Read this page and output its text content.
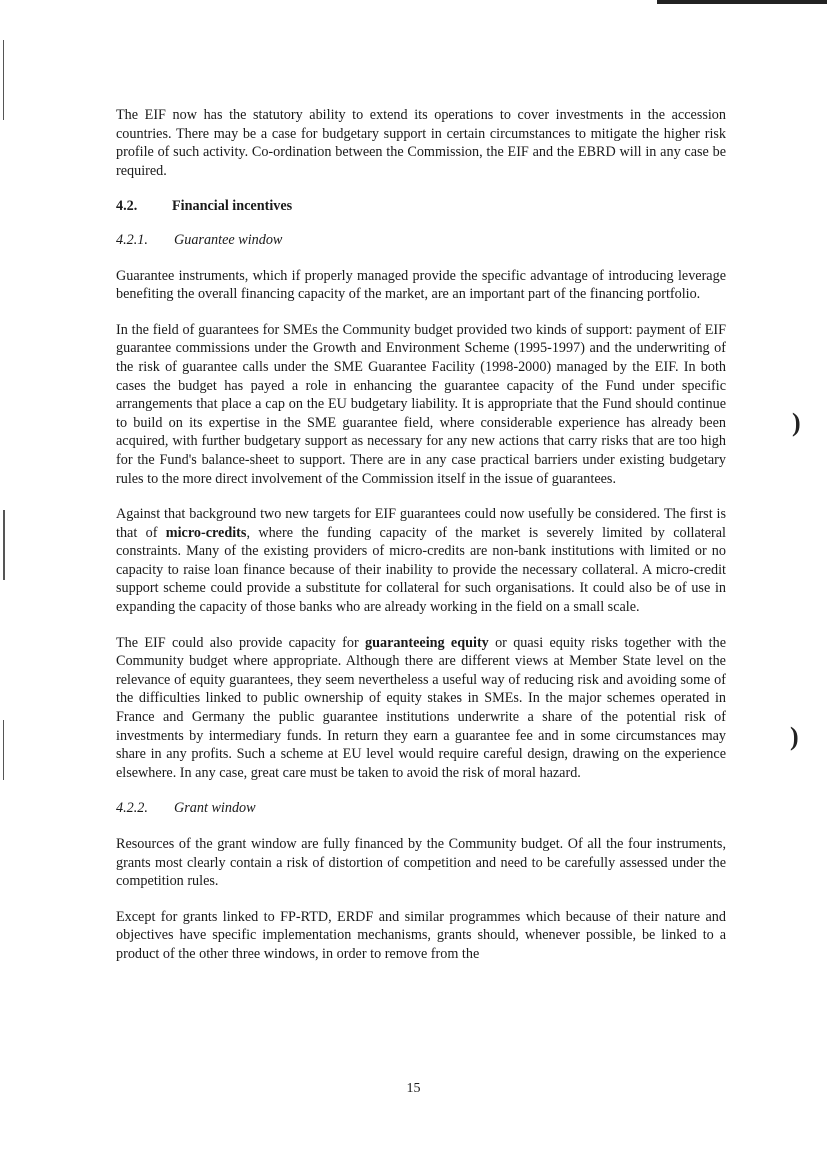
)
)

The EIF now has the statutory ability to extend its operations to cover investments in the accession countries. There may be a case for budgetary support in certain circumstances to mitigate the higher risk profile of such activity. Co-ordination between the Commission, the EIF and the EBRD will in any case be required.

4.2.	Financial incentives
4.2.1.	Guarantee window

Guarantee instruments, which if properly managed provide the specific advantage of introducing leverage benefiting the overall financing capacity of the market, are an important part of the financing portfolio.

In the field of guarantees for SMEs the Community budget provided two kinds of support: payment of EIF guarantee commissions under the Growth and Environment Scheme (1995-1997) and the underwriting of the risk of guarantee calls under the SME Guarantee Facility (1998-2000) managed by the EIF. In both cases the budget has payed a role in enhancing the guarantee capacity of the Fund under specific arrangements that place a cap on the EU budgetary liability. It is appropriate that the Fund should continue to build on its expertise in the SME guarantee field, where considerable experience has already been acquired, with further budgetary support as necessary for any new actions that carry risks that are too high for the Fund's balance-sheet to support. There are in any case practical barriers under existing budgetary rules to the more direct involvement of the Commission itself in the issue of guarantees.

Against that background two new targets for EIF guarantees could now usefully be considered. The first is that of micro-credits, where the funding capacity of the market is severely limited by collateral constraints. Many of the existing providers of micro-credits are non-bank institutions with limited or no capacity to raise loan finance because of their inability to provide the necessary collateral. A micro-credit support scheme could provide a substitute for collateral for such organisations. It could also be of use in expanding the capacity of those banks who are already working in the field on a small scale.

The EIF could also provide capacity for guaranteeing equity or quasi equity risks together with the Community budget where appropriate. Although there are different views at Member State level on the relevance of equity guarantees, they seem nevertheless a useful way of reducing risk and avoiding some of the difficulties linked to public ownership of equity stakes in SMEs. In the major schemes operated in France and Germany the public guarantee institutions underwrite a share of the potential risk of investments by intermediary funds. In return they earn a guarantee fee and in some circumstances may share in any profits. Such a scheme at EU level would require careful design, drawing on the experience elsewhere. In any case, great care must be taken to avoid the risk of moral hazard.

4.2.2.	Grant window

Resources of the grant window are fully financed by the Community budget. Of all the four instruments, grants most clearly contain a risk of distortion of competition and need to be carefully assessed under the competition rules.

Except for grants linked to FP-RTD, ERDF and similar programmes which because of their nature and objectives have specific implementation mechanisms, grants should, whenever possible, be linked to a product of the other three windows, in order to remove from the

15
